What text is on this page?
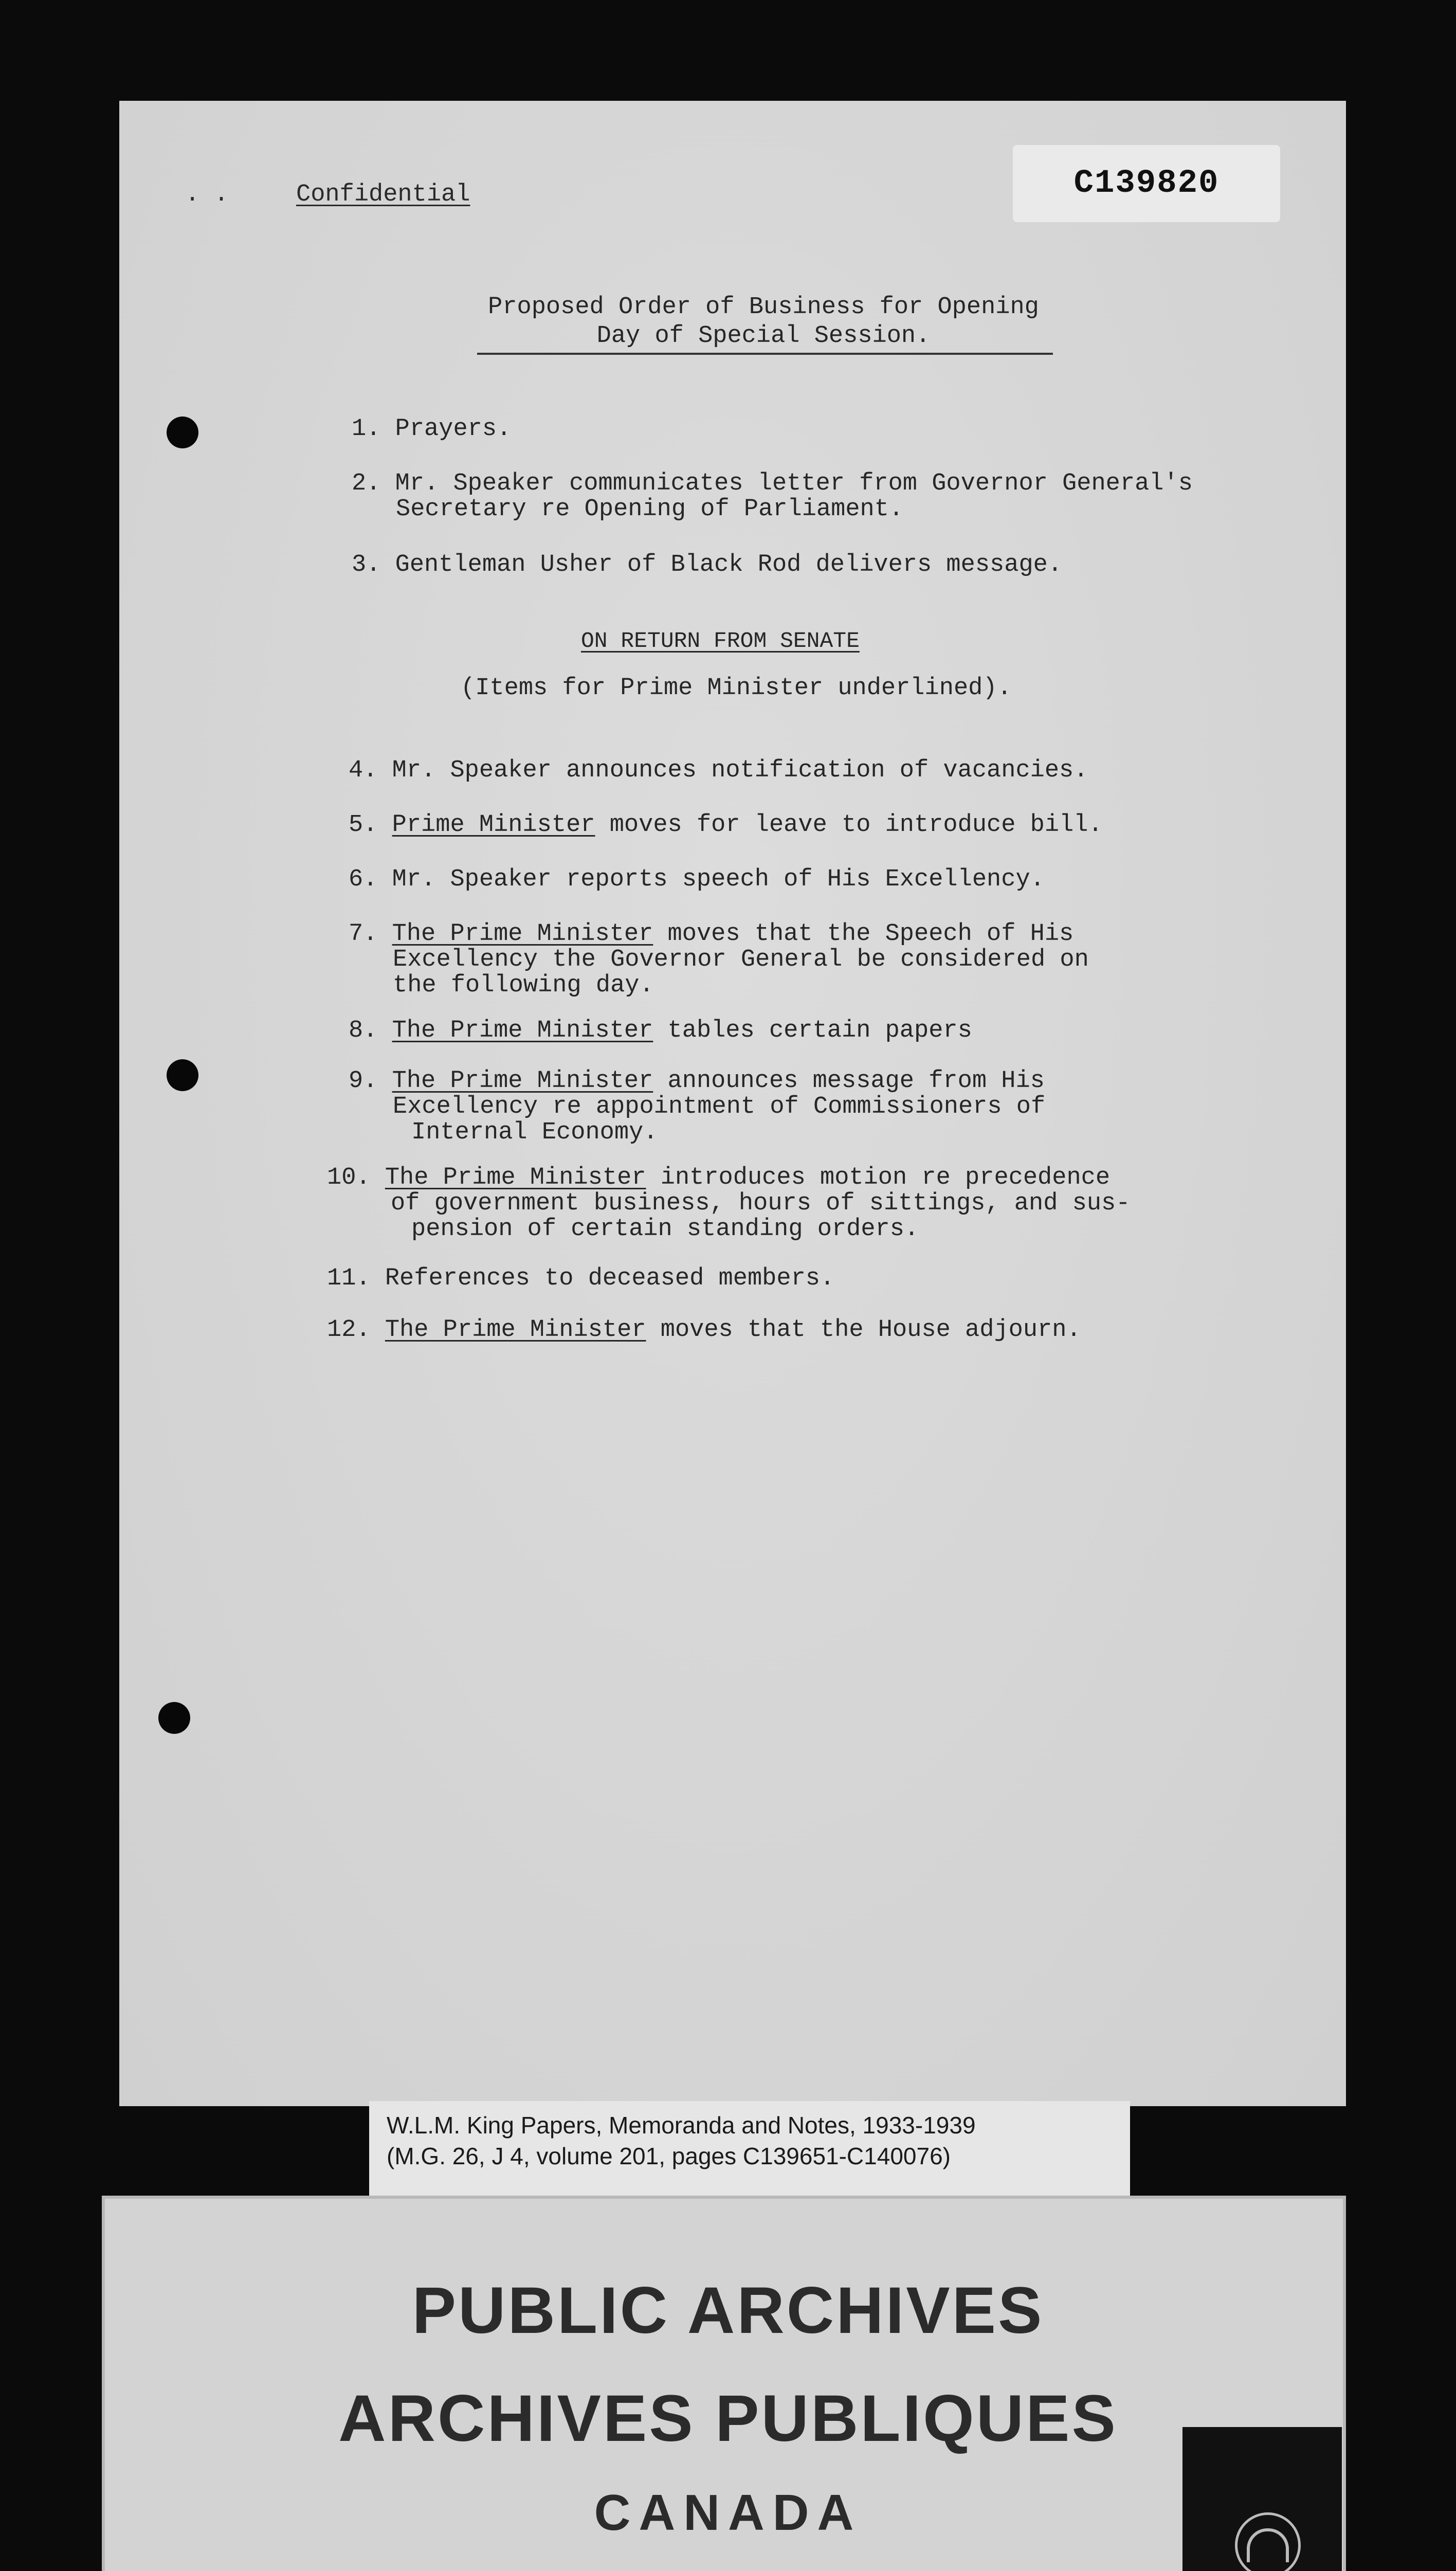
. .	Confidential	C139820
Proposed Order of Business for Opening
Day of Special Session.
1. Prayers.
2. Mr. Speaker communicates letter from Governor General's
Secretary re Opening of Parliament.
3. Gentleman Usher of Black Rod delivers message.
ON RETURN FROM SENATE
(Items for Prime Minister underlined).
4. Mr. Speaker announces notification of vacancies.
5. Prime Minister moves for leave to introduce bill.
6. Mr. Speaker reports speech of His Excellency.
7. The Prime Minister moves that the Speech of His
Excellency the Governor General be considered on
the following day.
8. The Prime Minister tables certain papers
9. The Prime Minister announces message from His
Excellency re appointment of Commissioners of
Internal Economy.
10. The Prime Minister introduces motion re precedence
of government business, hours of sittings, and sus-
pension of certain standing orders.
11. References to deceased members.
12. The Prime Minister moves that the House adjourn.
W.L.M. King Papers, Memoranda and Notes, 1933-1939
(M.G. 26, J 4, volume 201, pages C139651-C140076)
PUBLIC ARCHIVES
ARCHIVES PUBLIQUES
CANADA
